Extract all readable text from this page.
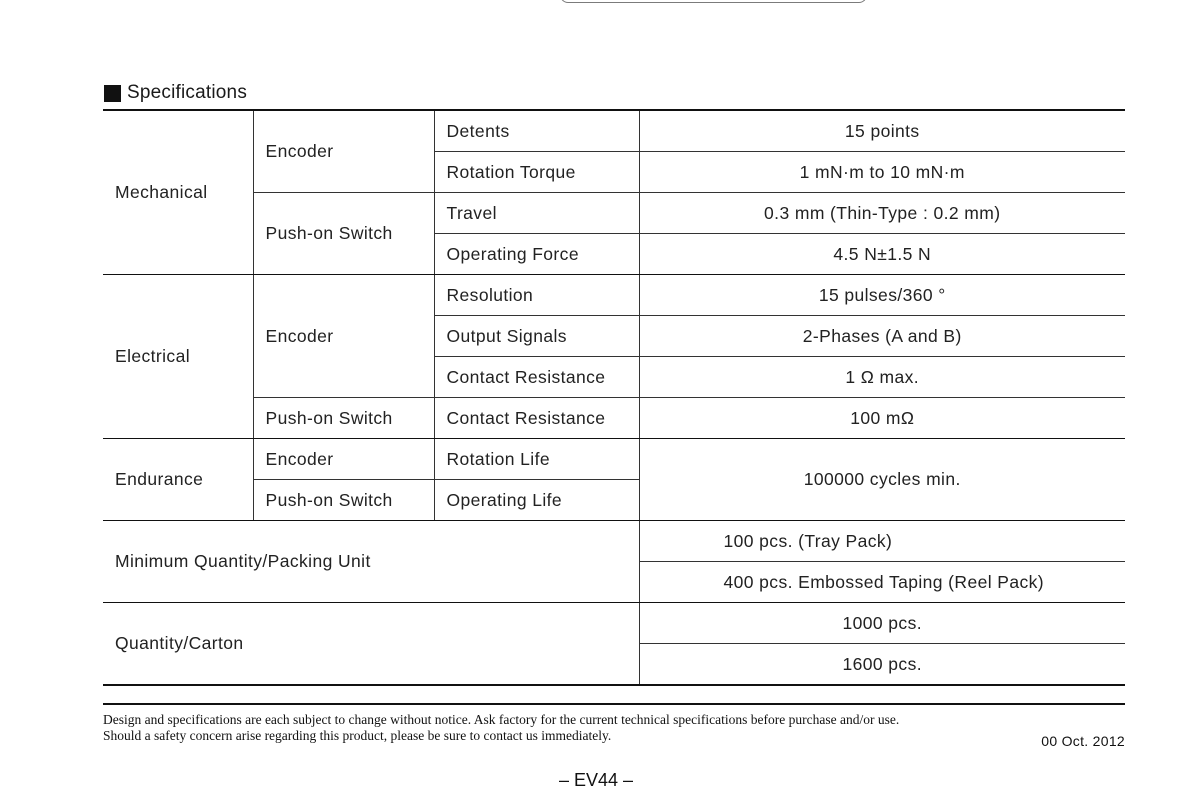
Specifications
Mechanical	Encoder	Detents	15 points
		Rotation Torque	1 mN·m to 10 mN·m
	Push-on Switch	Travel	0.3 mm (Thin-Type : 0.2 mm)
		Operating Force	4.5 N±1.5 N
Electrical	Encoder	Resolution	15 pulses/360 °
		Output Signals	2-Phases (A and B)
		Contact Resistance	1 Ω max.
	Push-on Switch	Contact Resistance	100 mΩ
Endurance	Encoder	Rotation Life	100000 cycles min.
	Push-on Switch	Operating Life	
Minimum Quantity/Packing Unit			100 pcs. (Tray Pack)
			400 pcs. Embossed Taping (Reel Pack)
Quantity/Carton			1000 pcs.
			1600 pcs.
Design and specifications are each subject to change without notice. Ask factory for the current technical specifications before purchase and/or use.
Should a safety concern arise regarding this product, please be sure to contact us immediately.	00 Oct. 2012
– EV44 –
